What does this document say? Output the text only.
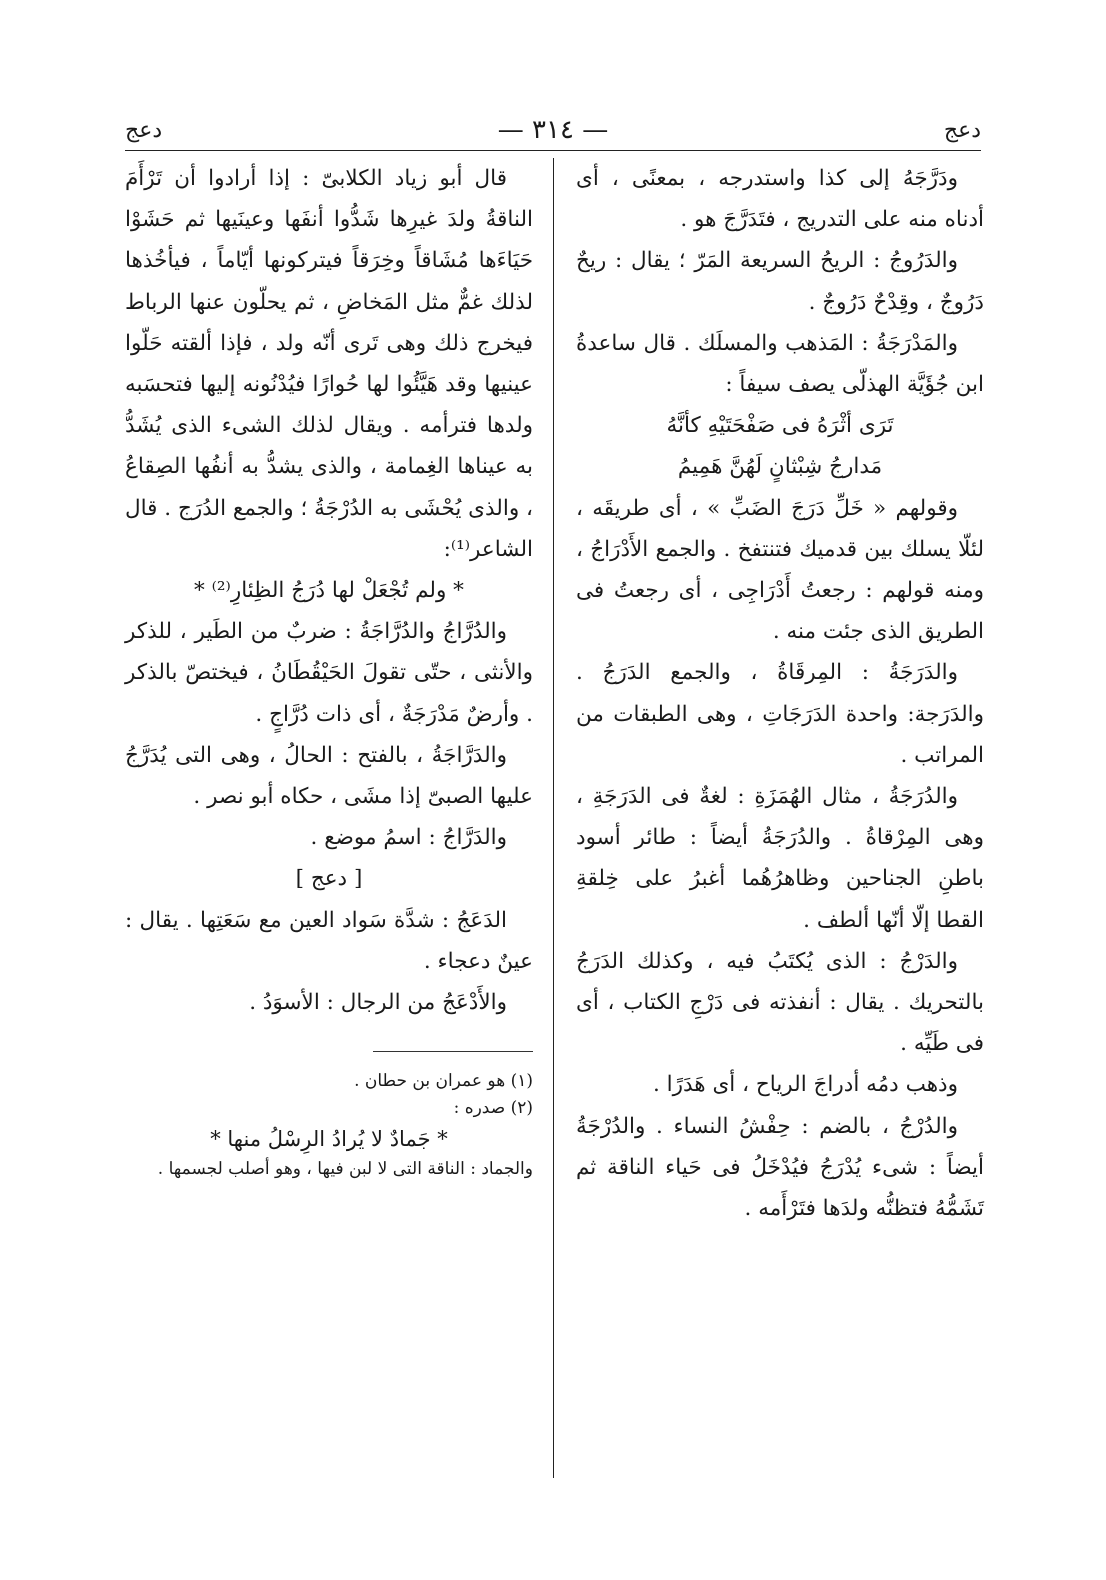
دعج
— ٣١٤ —
دعج

ودَرَّجَهُ إلى كذا واستدرجه ، بمعنًى ، أى أدناه منه على التدريج ، فتَدَرَّجَ هو .

والدَرُوجُ : الريحُ السريعة المَرّ ؛ يقال : ريحٌ دَرُوجٌ ، وقِدْحٌ دَرُوجٌ .

والمَدْرَجَةُ : المَذهب والمسلَك . قال ساعدةُ ابن جُؤَيَّة الهذلّى يصف سيفاً :

تَرَى أثْرَهُ فى صَفْحَتَيْهِ كأنَّهُ

مَدارجُ شِبْثانٍ لَهُنَّ هَمِيمُ

وقولهم « خَلِّ دَرَجَ الضَبِّ » ، أى طريقَه ، لئلّا يسلك بين قدميك فتنتفخ . والجمع الأَدْرَاجُ ، ومنه قولهم : رجعتُ أَدْرَاجِى ، أى رجعتُ فى الطريق الذى جئت منه .

والدَرَجَةُ : المِرقَاةُ ، والجمع الدَرَجُ . والدَرَجة: واحدة الدَرَجَاتِ ، وهى الطبقات من المراتب .

والدُرَجَةُ ، مثال الهُمَزَةِ : لغةٌ فى الدَرَجَةِ ، وهى المِرْقاةُ . والدُرَجَةُ أيضاً : طائر أسود باطنِ الجناحين وظاهرُهُما أغبرُ على خِلقةِ القطا إلّا أنّها ألطف .

والدَرْجُ : الذى يُكتَبُ فيه ، وكذلك الدَرَجُ بالتحريك . يقال : أنفذته فى دَرْجِ الكتاب ، أى فى طَيِّه .

وذهب دمُه أدراجَ الرياح ، أى هَدَرًا .

والدُرْجُ ، بالضم : حِفْشُ النساء . والدُرْجَةُ أيضاً : شىء يُدْرَجُ فيُدْخَلُ فى حَياء الناقة ثم تَشَمُّهُ فتظنُّه ولدَها فتَرْأَمه .

قال أبو زياد الكلابىّ : إذا أرادوا أن تَرْأَمَ الناقةُ ولدَ غيرِها شَدُّوا أنفَها وعينَيها ثم حَشَوْا حَيَاءَها مُشَاقاً وخِرَقاً فيتركونها أيّاماً ، فيأخُذها لذلك غمٌّ مثل المَخاضِ ، ثم يحلّون عنها الرباط فيخرج ذلك وهى تَرى أنّه ولد ، فإذا ألقته حَلّوا عينيها وقد هَيَّئُوا لها حُوارًا فيُدْنُونه إليها فتحسَبه ولدها فترأمه . ويقال لذلك الشىء الذى يُشَدُّ به عيناها الغِمامة ، والذى يشدُّ به أنفُها الصِقاعُ ، والذى يُحْشَى به الدُرْجَةُ ؛ والجمع الدُرَج . قال الشاعر⁽¹⁾:

* ولم تُجْعَلْ لها دُرَجُ الظِئارِ⁽²⁾ *

والدُرَّاجُ والدُرَّاجَةُ : ضربٌ من الطَير ، للذكر والأنثى ، حتّى تقولَ الحَيْقُطَانُ ، فيختصّ بالذكر . وأرضٌ مَدْرَجَةٌ ، أى ذات دُرَّاجٍ .

والدَرَّاجَةُ ، بالفتح : الحالُ ، وهى التى يُدَرَّجُ عليها الصبىّ إذا مشَى ، حكاه أبو نصر .

والدَرَّاجُ : اسمُ موضع .

[ دعج ]

الدَعَجُ : شدَّة سَواد العين مع سَعَتِها . يقال : عينٌ دعجاء .

والأَدْعَجُ من الرجال : الأسوَدُ .

(١) هو عمران بن حطان .

(٢) صدره :

* جَمادٌ لا يُرادُ الرِسْلُ منها *

والجماد : الناقة التى لا لبن فيها ، وهو أصلب لجسمها .
